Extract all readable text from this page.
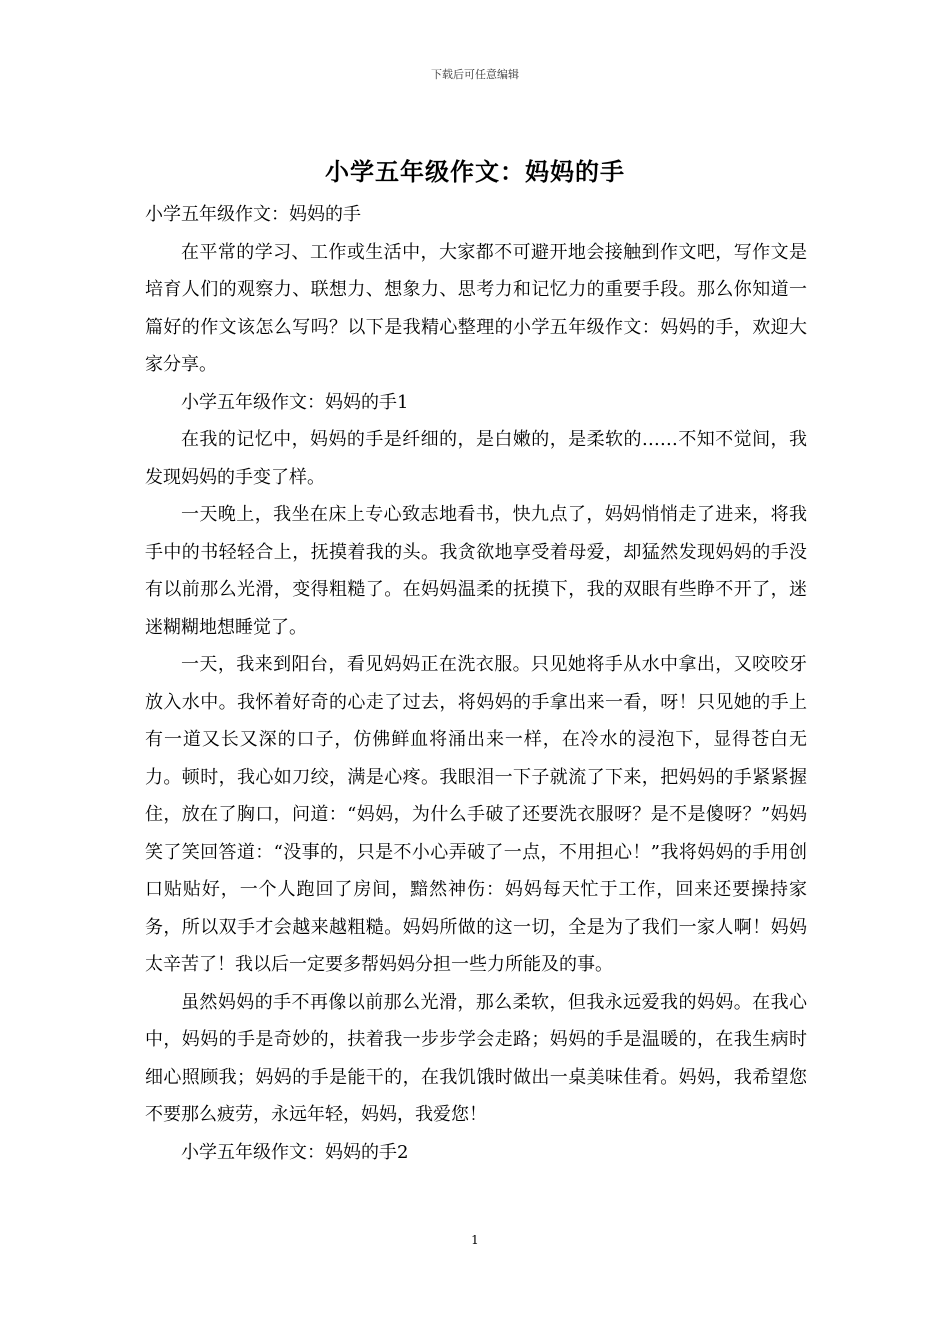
下载后可任意编辑
小学五年级作文：妈妈的手

小学五年级作文：妈妈的手

在平常的学习、工作或生活中，大家都不可避开地会接触到作文吧，写作文是培育人们的观察力、联想力、想象力、思考力和记忆力的重要手段。那么你知道一篇好的作文该怎么写吗？以下是我精心整理的小学五年级作文：妈妈的手，欢迎大家分享。

小学五年级作文：妈妈的手1

在我的记忆中，妈妈的手是纤细的，是白嫩的，是柔软的……不知不觉间，我发现妈妈的手变了样。

一天晚上，我坐在床上专心致志地看书，快九点了，妈妈悄悄走了进来，将我手中的书轻轻合上，抚摸着我的头。我贪欲地享受着母爱，却猛然发现妈妈的手没有以前那么光滑，变得粗糙了。在妈妈温柔的抚摸下，我的双眼有些睁不开了，迷迷糊糊地想睡觉了。

一天，我来到阳台，看见妈妈正在洗衣服。只见她将手从水中拿出，又咬咬牙放入水中。我怀着好奇的心走了过去，将妈妈的手拿出来一看，呀！只见她的手上有一道又长又深的口子，仿佛鲜血将涌出来一样，在冷水的浸泡下，显得苍白无力。顿时，我心如刀绞，满是心疼。我眼泪一下子就流了下来，把妈妈的手紧紧握住，放在了胸口，问道：“妈妈，为什么手破了还要洗衣服呀？是不是傻呀？”妈妈笑了笑回答道：“没事的，只是不小心弄破了一点，不用担心！”我将妈妈的手用创口贴贴好，一个人跑回了房间，黯然神伤：妈妈每天忙于工作，回来还要操持家务，所以双手才会越来越粗糙。妈妈所做的这一切，全是为了我们一家人啊！妈妈太辛苦了！我以后一定要多帮妈妈分担一些力所能及的事。

虽然妈妈的手不再像以前那么光滑，那么柔软，但我永远爱我的妈妈。在我心中，妈妈的手是奇妙的，扶着我一步步学会走路；妈妈的手是温暖的，在我生病时细心照顾我；妈妈的手是能干的，在我饥饿时做出一桌美味佳肴。妈妈，我希望您不要那么疲劳，永远年轻，妈妈，我爱您！

小学五年级作文：妈妈的手2

1
